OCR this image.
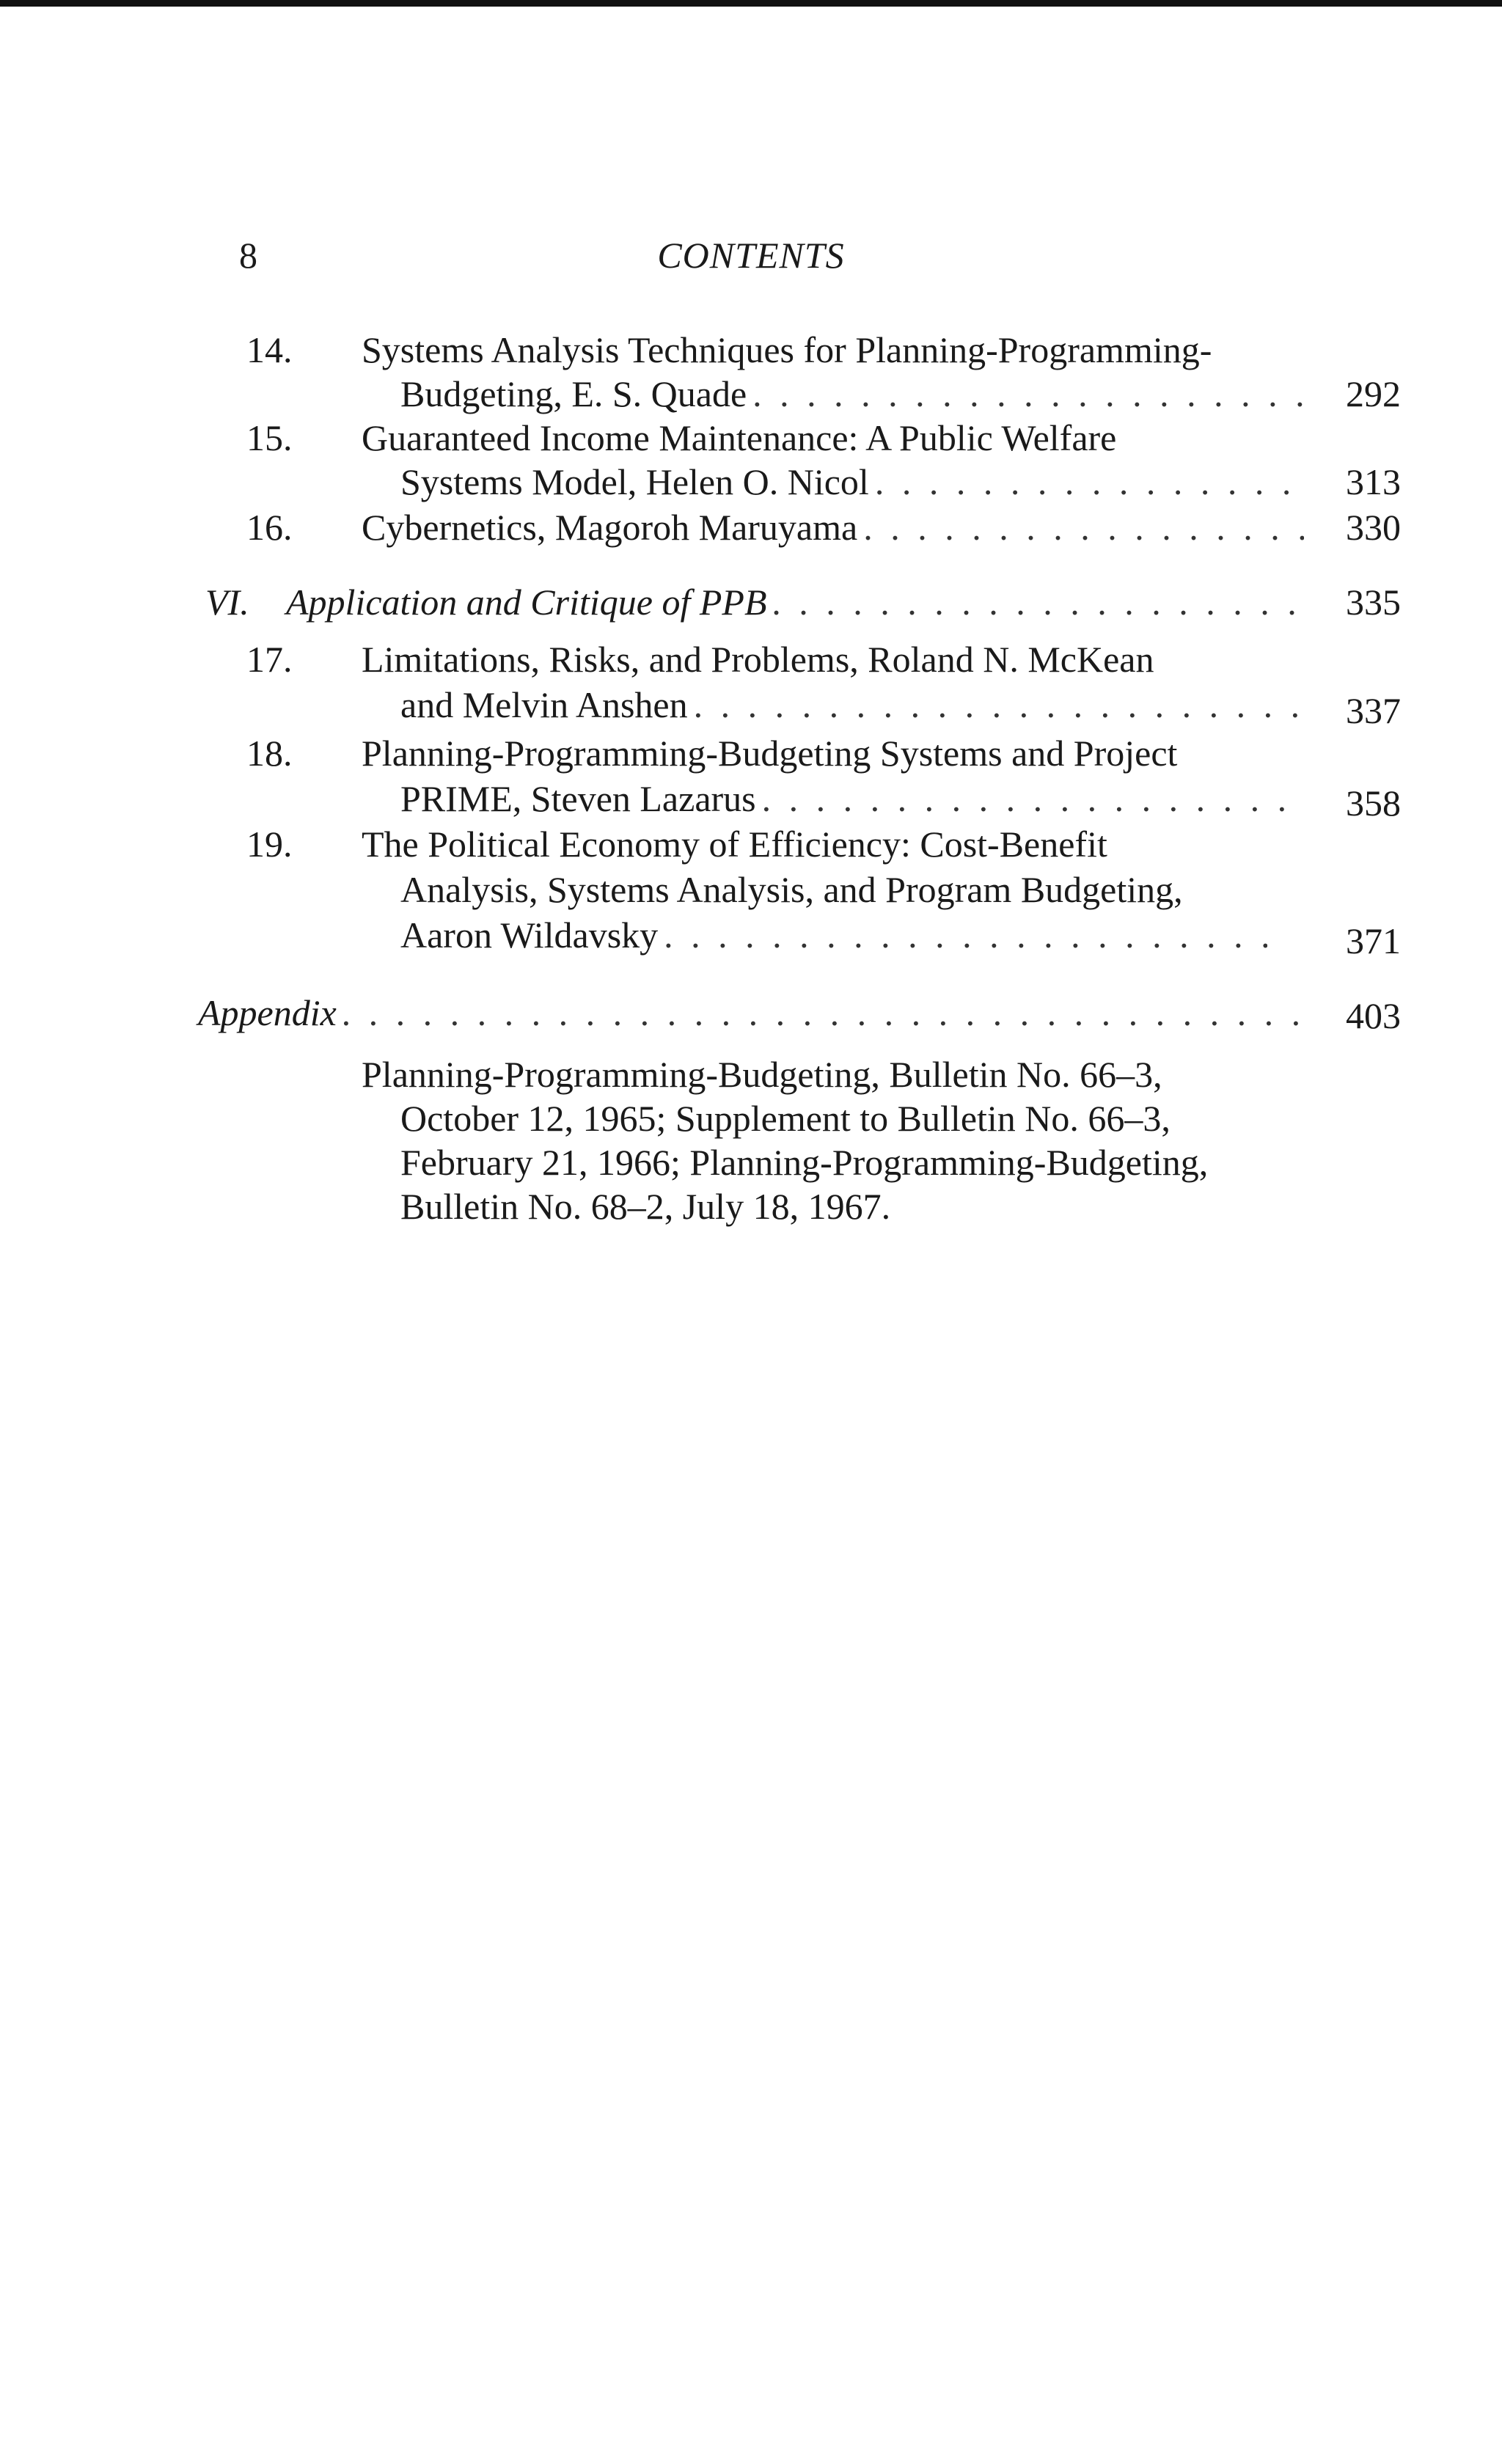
8	CONTENTS
14. Systems Analysis Techniques for Planning-Programming-
Budgeting, E. S. Quade . . .	292
15. Guaranteed Income Maintenance: A Public Welfare
Systems Model, Helen O. Nicol . . .	313
16. Cybernetics, Magoroh Maruyama . . .	330
VI. Application and Critique of PPB . . .	335
17. Limitations, Risks, and Problems, Roland N. McKean
and Melvin Anshen . . .	337
18. Planning-Programming-Budgeting Systems and Project
PRIME, Steven Lazarus . . .	358
19. The Political Economy of Efficiency: Cost-Benefit
Analysis, Systems Analysis, and Program Budgeting,
Aaron Wildavsky . . .	371
Appendix . . .	403
Planning-Programming-Budgeting, Bulletin No. 66–3,
October 12, 1965; Supplement to Bulletin No. 66–3,
February 21, 1966; Planning-Programming-Budgeting,
Bulletin No. 68–2, July 18, 1967.
